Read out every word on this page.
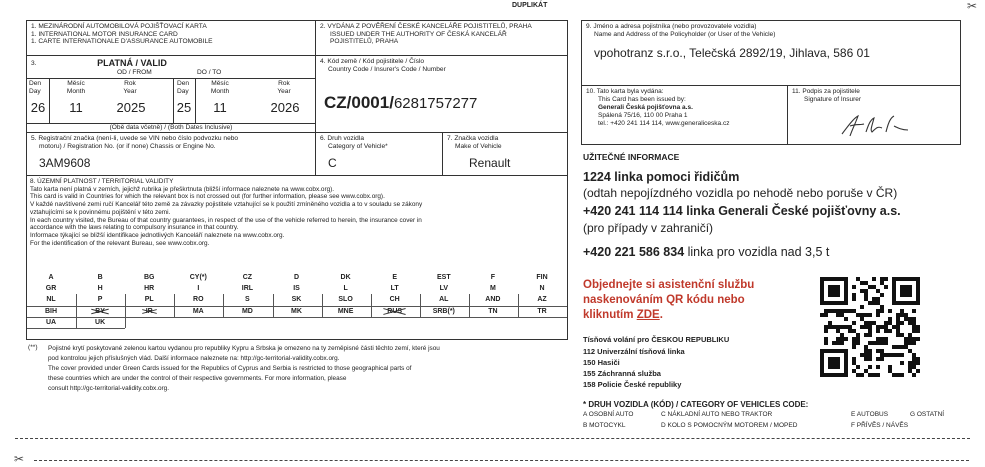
DUPLIKÁT	✂
1. MEZINÁRODNÍ AUTOMOBILOVÁ POJIŠŤOVACÍ KARTA
1. INTERNATIONAL MOTOR INSURANCE CARD
1. CARTE INTERNATIONALE D'ASSURANCE AUTOMOBILE
2. VYDÁNA Z POVĚŘENÍ ČESKÉ KANCELÁŘE POJISTITELŮ, PRAHA
ISSUED UNDER THE AUTHORITY OF ČESKÁ KANCELÁŘ
POJISTITELŮ, PRAHA
3.	PLATNÁ / VALID
OD / FROM	DO / TO
Den Day
Měsíc Month
Rok Year
Den Day
Měsíc Month
Rok Year
26	11	2025	25	11	2026
(Obě data včetně) / (Both Dates Inclusive)
4. Kód země / Kód pojistitele / Číslo
Country Code / Insurer's Code / Number
CZ/0001/6281757277
5. Registrační značka (není-li, uvede se VIN nebo číslo podvozku nebo
motoru) / Registration No. (or if none) Chassis or Engine No.
3AM9608
6. Druh vozidla
Category of Vehicle*
C
7. Značka vozidla
Make of Vehicle
Renault
8. ÚZEMNÍ PLATNOST / TERRITORIAL VALIDITY
Tato karta není platná v zemích, jejichž rubrika je přeškrtnuta (bližší informace naleznete na www.cobx.org).
This card is valid in Countries for which the relevant box is not crossed out (for further information, please see www.cobx.org).
V každé navštívené zemi ručí Kancelář této země za závazky pojistitele vztahující se k použití zmíněného vozidla a to v souladu se zákony
vztahujícími se k povinnému pojištění v této zemi.
In each country visited, the Bureau of that country guarantees, in respect of the use of the vehicle referred to herein, the insurance cover in
accordance with the laws relating to compulsory insurance in that country.
Informace týkající se bližší identifikace jednotlivých Kanceláří naleznete na www.cobx.org.
For the identification of the relevant Bureau, see www.cobx.org.
A	B	BG	CY(*)	CZ	D	DK	E	EST	F	FIN
GR	H	HR	I	IRL	IS	L	LT	LV	M	N
NL	P	PL	RO	S	SK	SLO	CH	AL	AND	AZ
BIH	BY	IR	MA	MD	MK	MNE	RUS	SRB(*)	TN	TR
UA	UK
(**) Pojistné krytí poskytované zelenou kartou vydanou pro republiky Kypru a Srbska je omezeno na ty zeměpisné části těchto zemí, které jsou
pod kontrolou jejich příslušných vlád. Další informace naleznete na: http://gc-territorial-validity.cobx.org.
The cover provided under Green Cards issued for the Republics of Cyprus and Serbia is restricted to those geographical parts of
these countries which are under the control of their respective governments. For more information, please
consult http://gc-territorial-validity.cobx.org.
9. Jméno a adresa pojistníka (nebo provozovatele vozidla)
Name and Address of the Policyholder (or User of the Vehicle)
vpohotranz s.r.o., Telečská 2892/19, Jihlava, 586 01
10. Tato karta byla vydána:
This Card has been issued by:
Generali Česká pojišťovna a.s.
Spálená 75/16, 110 00 Praha 1
tel.: +420 241 114 114, www.generaliceska.cz
11. Podpis za pojistitele
Signature of Insurer
UŽITEČNÉ INFORMACE
1224 linka pomoci řidičům
(odtah nepojízdného vozidla po nehodě nebo poruše v ČR)
+420 241 114 114 linka Generali České pojišťovny a.s.
(pro případy v zahraničí)
+420 221 586 834 linka pro vozidla nad 3,5 t
Objednejte si asistenční službu
naskenováním QR kódu nebo
kliknutím ZDE.
Tísňová volání pro ČESKOU REPUBLIKU
112 Univerzální tísňová linka
150 Hasiči
155 Záchranná služba
158 Policie České republiky
* DRUH VOZIDLA (KÓD) / CATEGORY OF VEHICLES CODE:
A OSOBNÍ AUTO	C NÁKLADNÍ AUTO NEBO TRAKTOR	E AUTOBUS	G OSTATNÍ
B MOTOCYKL	D KOLO S POMOCNÝM MOTOREM / MOPED	F PŘÍVĚS / NÁVĚS
✂
